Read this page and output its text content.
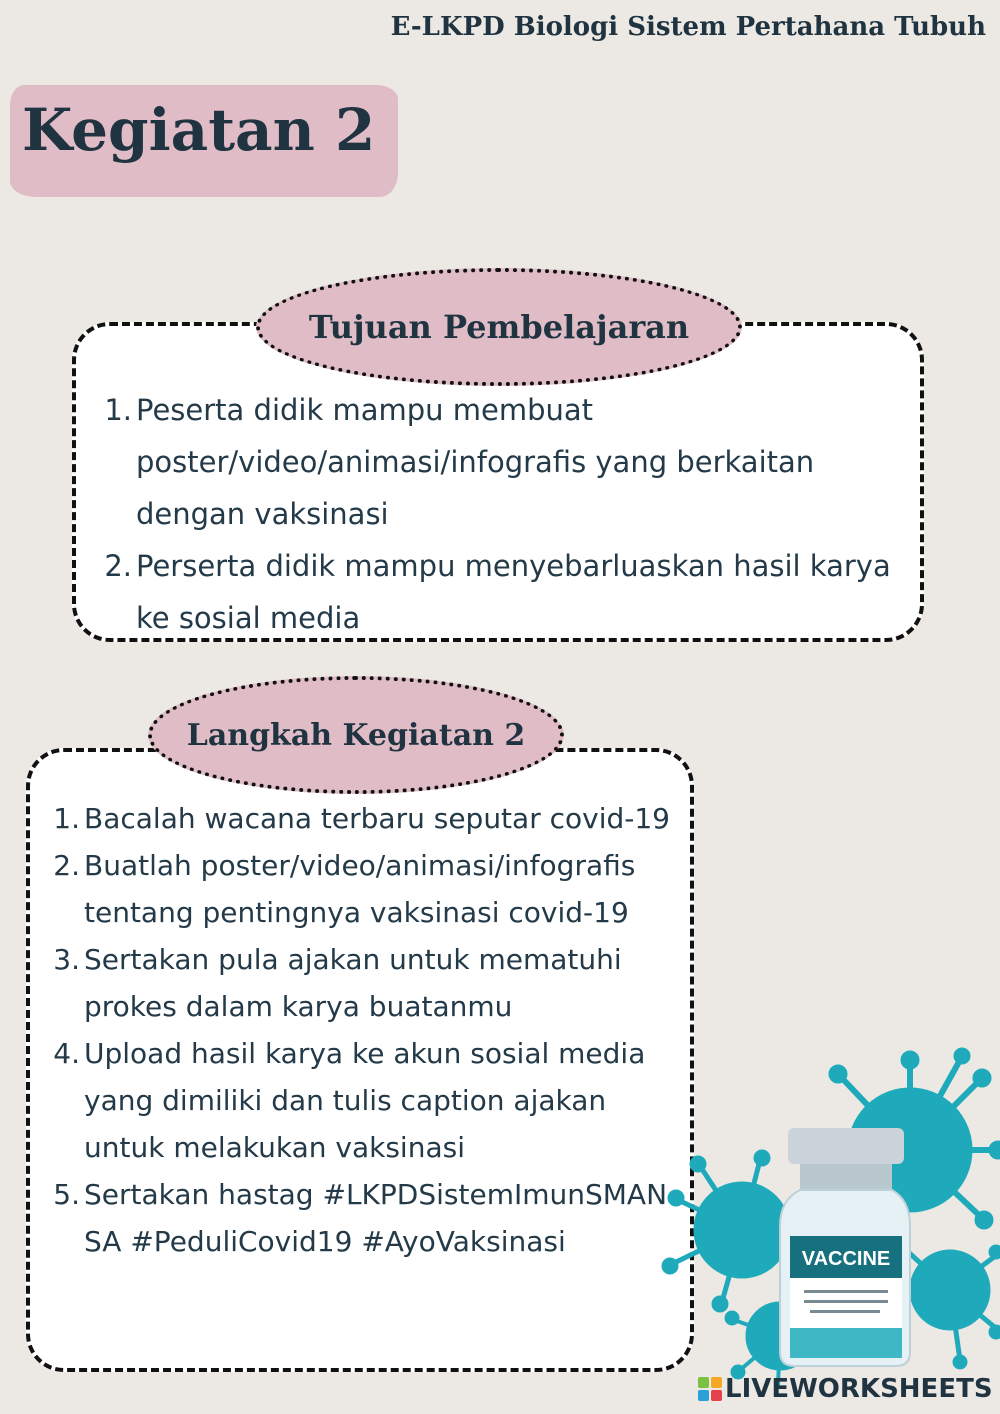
E-LKPD Biologi Sistem Pertahana Tubuh
Kegiatan 2
Tujuan Pembelajaran
1. Peserta didik mampu membuat poster/video/animasi/infografis yang berkaitan dengan vaksinasi
2. Perserta didik mampu menyebarluaskan hasil karya ke sosial media
Langkah Kegiatan 2
1. Bacalah wacana terbaru seputar covid-19
2. Buatlah poster/video/animasi/infografis tentang pentingnya vaksinasi covid-19
3. Sertakan pula ajakan untuk mematuhi prokes dalam karya buatanmu
4. Upload hasil karya ke akun sosial media yang dimiliki dan tulis caption ajakan untuk melakukan vaksinasi
5. Sertakan hastag #LKPDSistemImunSMANSA #PeduliCovid19 #AyoVaksinasi
VACCINE
LIVEWORKSHEETS
